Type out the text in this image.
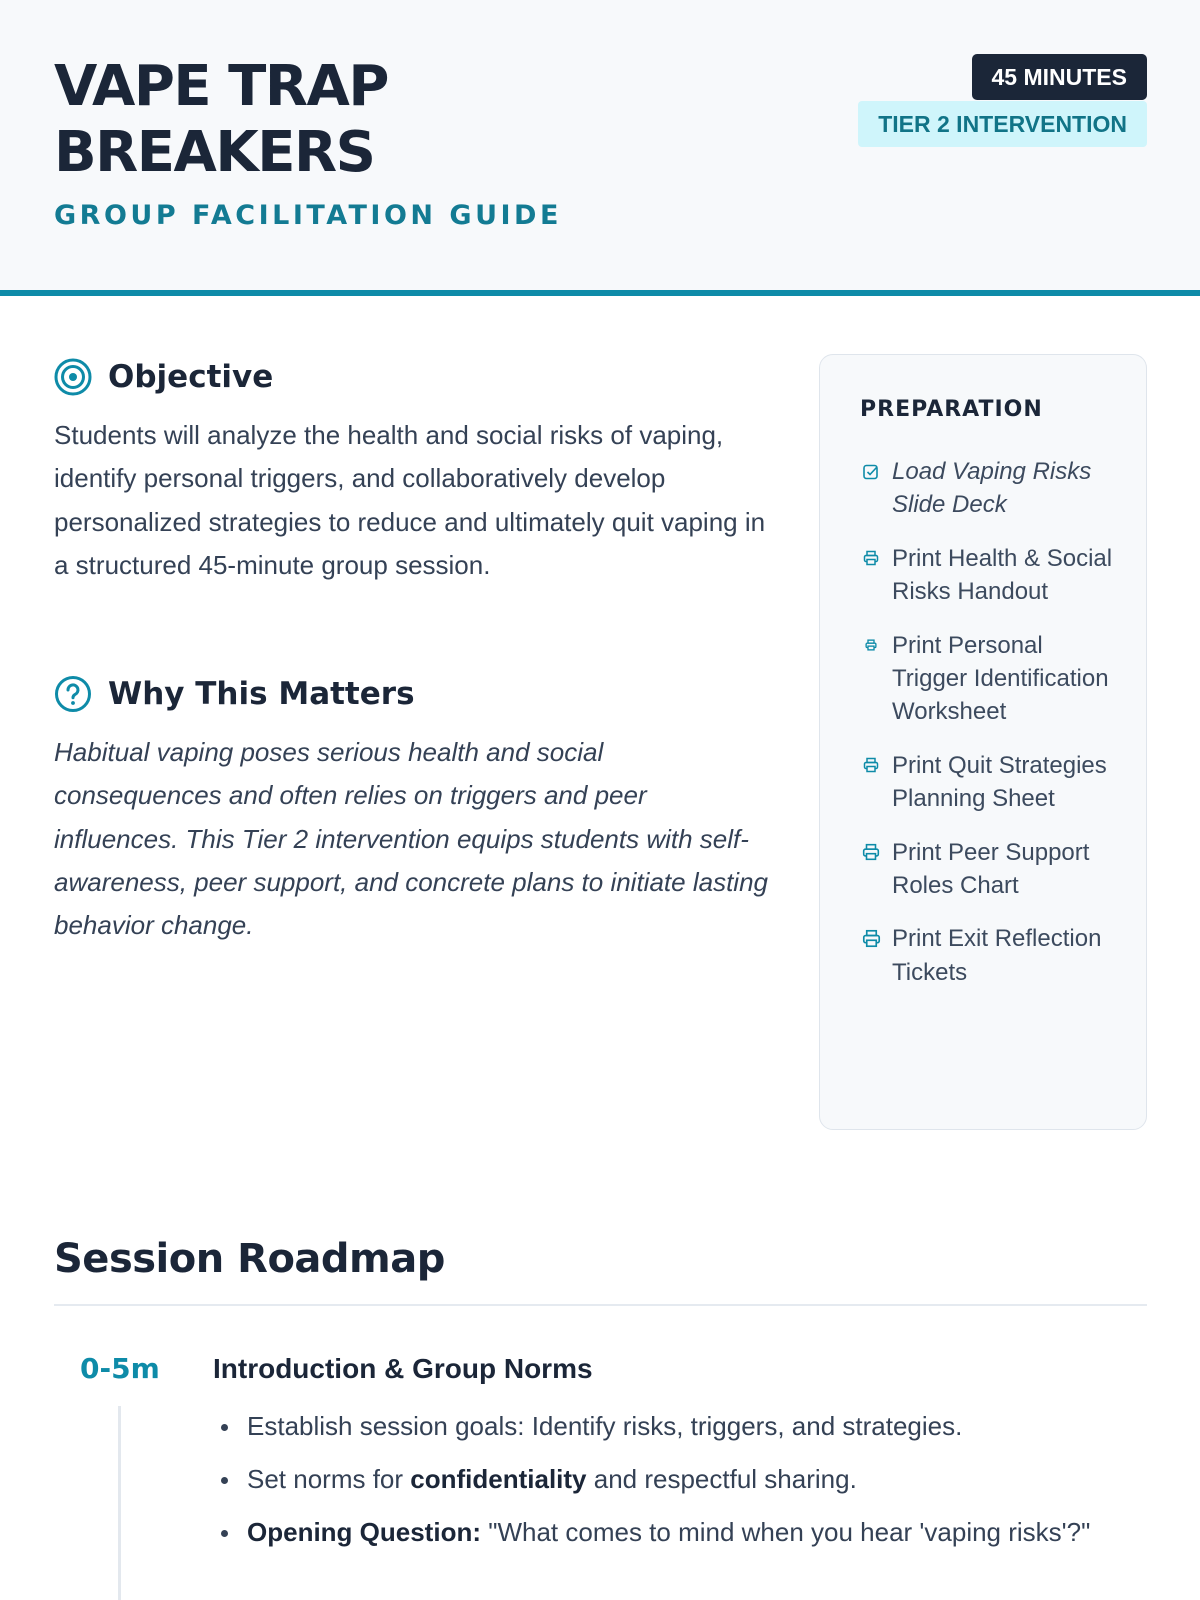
VAPE TRAP
BREAKERS
GROUP FACILITATION GUIDE
45 MINUTES
TIER 2 INTERVENTION
Objective

Students will analyze the health and social risks of vaping, identify personal triggers, and collaboratively develop personalized strategies to reduce and ultimately quit vaping in a structured 45-minute group session.

Why This Matters

Habitual vaping poses serious health and social consequences and often relies on triggers and peer influences. This Tier 2 intervention equips students with self-awareness, peer support, and concrete plans to initiate lasting behavior change.

PREPARATION
Load Vaping Risks Slide Deck
Print Health & Social Risks Handout
Print Personal Trigger Identification Worksheet
Print Quit Strategies Planning Sheet
Print Peer Support Roles Chart
Print Exit Reflection Tickets
Session Roadmap
0-5m Introduction & Group Norms
Establish session goals: Identify risks, triggers, and strategies.
Set norms for confidentiality and respectful sharing.
Opening Question: "What comes to mind when you hear 'vaping risks'?"
